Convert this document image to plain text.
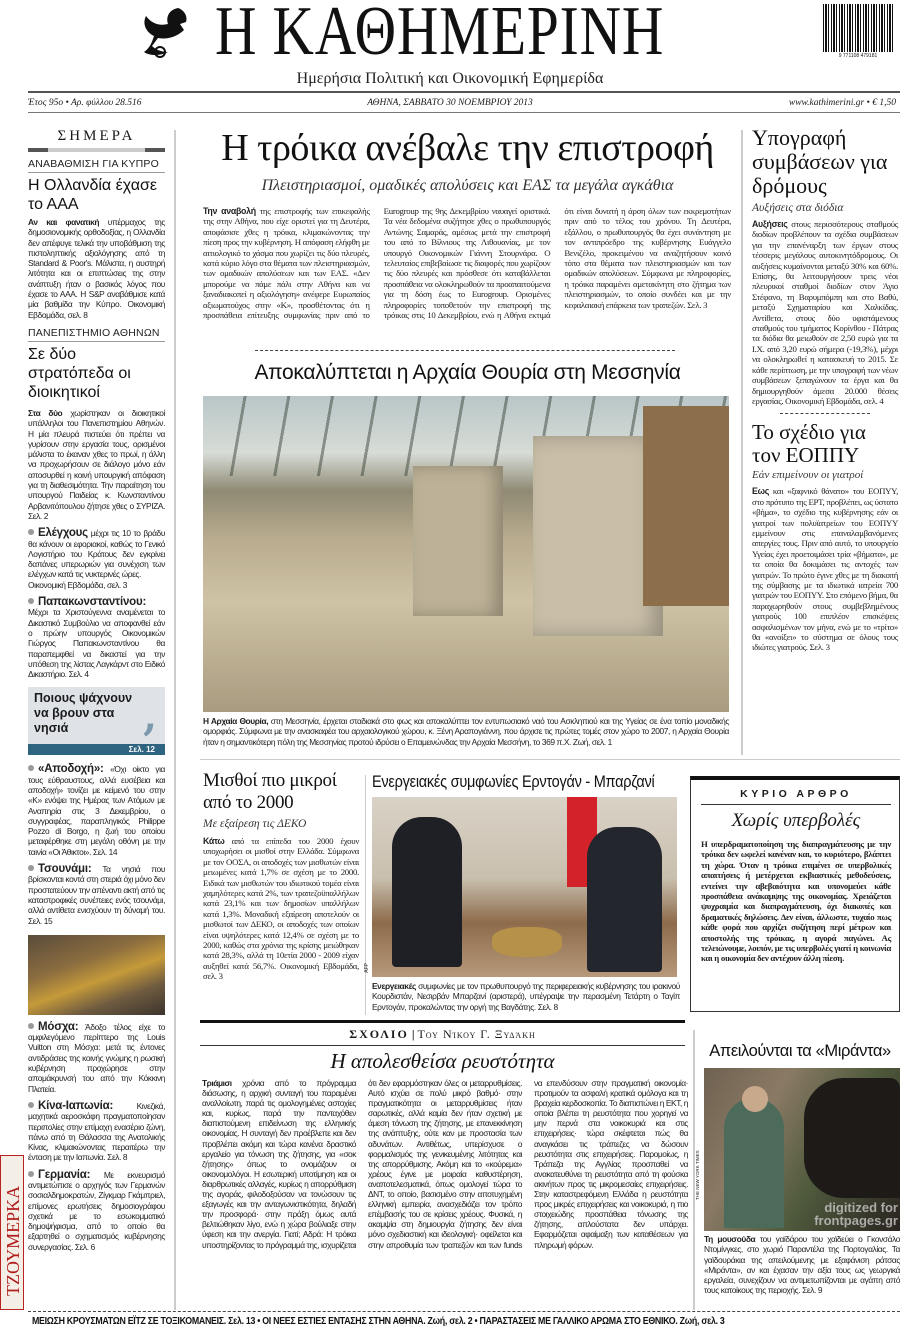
Η ΚΑΘΗΜΕΡΙΝΗ	9 771108 479181
Ημερήσια Πολιτική και Οικονομική Εφημερίδα
Έτος 95ο • Αρ. φύλλου 28.516	ΑΘΗΝΑ, ΣΑΒΒΑΤΟ 30 ΝΟΕΜΒΡΙΟΥ 2013	www.kathimerini.gr • € 1,50
ΣΗΜΕΡΑ
ΑΝΑΒΑΘΜΙΣΗ ΓΙΑ ΚΥΠΡΟ
Η Ολλανδία έχασε το ΑΑΑ
Αν και φανατική υπέρμαχος της δημοσιονομικής ορθοδοξίας, η Ολλανδία δεν απέφυγε τελικά την υποβάθμιση της πιστοληπτικής αξιολόγησης από τη Standard & Poor's. Μάλιστα, η αυστηρή λιτότητα και οι επιπτώσεις της στην ανάπτυξη ήταν ο βασικός λόγος που έχασε το ΑΑΑ. Η S&P αναβάθμισε κατά μία βαθμίδα την Κύπρο. Οικονομική Εβδομάδα, σελ. 8
ΠΑΝΕΠΙΣΤΗΜΙΟ ΑΘΗΝΩΝ
Σε δύο στρατόπεδα οι διοικητικοί
Στα δύο χωρίστηκαν οι διοικητικοί υπάλληλοι του Πανεπιστημίου Αθηνών. Η μία πλευρά πιστεύει ότι πρέπει να γυρίσουν στην εργασία τους, ορισμένοι μάλιστα το έκαναν χθες το πρωί, η άλλη να προχωρήσουν σε διάλογο μόνο εάν αποσυρθεί η κοινή υπουργική απόφαση για τη διαθεσιμότητα. Την παραίτηση του υπουργού Παιδείας κ. Κωνσταντίνου Αρβανιτόπουλου ζήτησε χθες ο ΣΥΡΙΖΑ. Σελ. 2
Ελέγχους μέχρι τις 10 το βράδυ θα κάνουν οι εφοριακοί, καθώς το Γενικό Λογιστήριο του Κράτους δεν εγκρίνει δαπάνες υπερωριών για συνέχιση των ελέγχων κατά τις νυκτερινές ώρες.
Οικονομική Εβδομάδα, σελ. 3
Παπακωνσταντίνου: Μέχρι τα Χριστούγεννα αναμένεται το Δικαστικό Συμβούλιο να αποφανθεί εάν ο πρώην υπουργός Οικονομικών Γιώργος Παπακωνσταντίνου θα παραπεμφθεί να δικαστεί για την υπόθεση της λίστας Λαγκάρντ στο Ειδικό Δικαστήριο. Σελ. 4
Ποιους ψάχνουν να βρουν στα νησιά	,
Σελ. 12
«Αποδοχή»: «Όχι οίκτο για τους εύθραυστους, αλλά ευσέβεια και αποδοχή» τονίζει με κείμενό του στην «Κ» ενόψει της Ημέρας των Ατόμων με Αναπηρία στις 3 Δεκεμβρίου, ο συγγραφέας, παραπληγικός Philippe Pozzo di Borgo, η ζωή του οποίου μεταφέρθηκε στη μεγάλη οθόνη με την ταινία «Οι Άθικτοι». Σελ. 14
Τσουνάμι: Τα νησιά που βρίσκονται κοντά στη στεριά όχι μόνο δεν προστατεύουν την απέναντι ακτή από τις καταστροφικές συνέπειες ενός τσουνάμι, αλλά αντίθετα ενισχύουν τη δύναμή του. Σελ. 15
Μόσχα: Άδοξο τέλος είχε το αμφιλεγόμενο περίπτερο της Louis Vuitton στη Μόσχα: μετά τις έντονες αντιδράσεις της κοινής γνώμης η ρωσική κυβέρνηση προχώρησε στην απομάκρυνσή του από την Κόκκινη Πλατεία.
Κίνα-Ιαπωνία: Κινεζικά, μαχητικά αεροσκάφη πραγματοποίησαν περιπολίες στην επίμαχη ενασέριο ζώνη, πάνω από τη Θάλασσα της Ανατολικής Κίνας, κλιμακώνοντας περαιτέρω την ένταση με την Ιαπωνία. Σελ. 8
Γερμανία: Με εκνευρισμό αντιμετώπισε ο αρχηγός των Γερμανών σοσιαλδημοκρατών, Ζίγκμαρ Γκάμπριελ, επίμονες ερωτήσεις δημοσιογράφου σχετικά με το εσωκομματικό δημοψήφισμα, από το οποίο θα εξαρτηθεί ο σχηματισμός κυβέρνησης συνεργασίας. Σελ. 6
ΤΖΟΥΜΕΡΚΑ
Η τρόικα ανέβαλε την επιστροφή
Πλειστηριασμοί, ομαδικές απολύσεις και ΕΑΣ τα μεγάλα αγκάθια
Την αναβολή της επιστροφής των επικεφαλής της στην Αθήνα, που είχε οριστεί για τη Δευτέρα, αποφάσισε χθες η τρόικα, κλιμακώνοντας την πίεση προς την κυβέρνηση. Η απόφαση ελήφθη με αιτιολογικό το χάσμα που χωρίζει τις δύο πλευρές, κατά κύριο λόγο στα θέματα των πλειστηριασμών, των ομαδικών απολύσεων και των ΕΑΣ. «Δεν μπορούμε να πάμε πάλι στην Αθήνα και να ξαναδιακοπεί η αξιολόγηση» ανέφερε Ευρωπαίος αξιωματούχος στην «Κ», προσθέτοντας ότι η προσπάθεια επίτευξης συμφωνίας πριν από το Eurogroup της 9ης Δεκεμβρίου ναυαγεί οριστικά. Τα νέα δεδομένα συζήτησε χθες ο πρωθυπουργός Αντώνης Σαμαράς, αμέσως μετά την επιστροφή του από το Βίλνιους της Λιθουανίας, με τον υπουργό Οικονομικών Γιάννη Στουρνάρα. Ο τελευταίος επιβεβαίωσε τις διαφορές που χωρίζουν τις δύο πλευρές και πρόσθεσε ότι καταβάλλεται προσπάθεια να ολοκληρωθούν τα προαπαιτούμενα για τη δόση έως το Eurogroup. Ορισμένες πληροφορίες τοποθετούν την επιστροφή της τρόικας στις 10 Δεκεμβρίου, ενώ η Αθήνα εκτιμά ότι είναι δυνατή η άρση όλων των εκκρεμοτήτων πριν από το τέλος του χρόνου. Τη Δευτέρα, εξάλλου, ο πρωθυπουργός θα έχει συνάντηση με τον αντιπρόεδρο της κυβέρνησης Ευάγγελο Βενιζέλο, προκειμένου να αναζητήσουν κοινό τόπο στα θέματα των πλειστηριασμών και των ομαδικών απολύσεων. Σύμφωνα με πληροφορίες, η τρόικα παραμένει αμετακίνητη στο ζήτημα των πλειστηριασμών, το οποίο συνδέει και με την κεφαλαιακή επάρκεια των τραπεζών. Σελ. 3
Αποκαλύπτεται η Αρχαία Θουρία στη Μεσσηνία
Η Αρχαία Θουρία, στη Μεσσηνία, έρχεται σταδιακά στο φως και αποκαλύπτει τον εντυπωσιακό ναό του Ασκληπιού και της Υγείας σε ένα τοπίο μοναδικής ομορφιάς. Σύμφωνα με την ανασκαφέα του αρχαιολογικού χώρου, κ. Ξένη Αραπογιάννη, που άρχισε τις πρώτες τομές στον χώρο το 2007, η Αρχαία Θουρία ήταν η σημαντικότερη πόλη της Μεσσηνίας προτού ιδρύσει ο Επαμεινώνδας την Αρχαία Μεσσήνη, το 369 π.Χ. Ζωή, σελ. 1
Υπογραφή συμβάσεων για δρόμους
Αυξήσεις στα διόδια
Αυξήσεις στους περισσότερους σταθμούς διοδίων προβλέπουν τα σχέδια συμβάσεων για την επανέναρξη των έργων στους τέσσερις μεγάλους αυτοκινητόδρομους. Οι αυξήσεις κυμαίνονται μεταξύ 30% και 60%. Επίσης, θα λειτουργήσουν τρεις νέοι πλευρικοί σταθμοί διοδίων στον Άγιο Στέφανο, τη Βαρυμπόμπη και στο Βαθύ, μεταξύ Σχηματαρίου και Χαλκίδας. Αντίθετα, στους δύο υφιστάμενους σταθμούς του τμήματος Κορίνθου - Πάτρας τα διόδια θα μειωθούν σε 2,50 ευρώ για τα Ι.Χ. από 3,20 ευρώ σήμερα (-19,3%), μέχρι να ολοκληρωθεί η κατασκευή το 2015. Σε κάθε περίπτωση, με την υπογραφή των νέων συμβάσεων ξεπαγώνουν τα έργα και θα δημιουργηθούν άμεσα 20.000 θέσεις εργασίας. Οικονομική Εβδομάδα, σελ. 4
Το σχέδιο για τον ΕΟΠΠΥ
Εάν επιμείνουν οι γιατροί
Εως και «ξαφνικό θάνατο» του ΕΟΠΥΥ, στο πρότυπο της ΕΡΤ, προβλέπει, ως ύστατο «βήμα», το σχέδιο της κυβέρνησης εάν οι γιατροί των πολυϊατρείων του ΕΟΠΥΥ εμμείνουν στις επαναλαμβανόμενες απεργίες τους. Πριν από αυτό, το υπουργείο Υγείας έχει προετοιμάσει τρία «βήματα», με τα οποία θα δοκιμάσει τις αντοχές των γιατρών. Το πρώτο έγινε χθες με τη διακοπή της σύμβασης με τα ιδιωτικά ιατρεία 700 γιατρών του ΕΟΠΥΥ. Στο επόμενο βήμα, θα παραχωρηθούν στους συμβεβλημένους γιατρούς 100 επιπλέον επισκέψεις ασφαλισμένων τον μήνα, ενώ με το «τρίτο» θα «ανοίξει» το σύστημα σε όλους τους ιδιώτες γιατρούς. Σελ. 3
Μισθοί πιο μικροί από το 2000
Με εξαίρεση τις ΔΕΚΟ
Κάτω από τα επίπεδα του 2000 έχουν υποχωρήσει οι μισθοί στην Ελλάδα. Σύμφωνα με τον ΟΟΣΑ, οι αποδοχές των μισθωτών είναι μειωμένες κατά 1,7% σε σχέση με το 2000. Ειδικά των μισθωτών του ιδιωτικού τομέα είναι χαμηλότερες κατά 2%, των τραπεζοϋπαλλήλων κατά 23,1% και των δημοσίων υπαλλήλων κατά 1,3%. Μοναδική εξαίρεση αποτελούν οι μισθωτοί των ΔΕΚΟ, οι αποδοχές των οποίων είναι υψηλότερες κατά 12,4% σε σχέση με το 2000, καθώς στα χρόνια της κρίσης μειώθηκαν κατά 28,3%, αλλά τη 10ετία 2000 - 2009 είχαν αυξηθεί κατά 56,7%. Οικονομική Εβδομάδα, σελ. 3
Ενεργειακές συμφωνίες Ερντογάν - Μπαρζανί
AFP
Ενεργειακές συμφωνίες με τον πρωθυπουργό της περιφερειακής κυβέρνησης του ιρακινού Κουρδιστάν, Νεσιρβάν Μπαρζανί (αριστερά), υπέγραψε την περασμένη Τετάρτη ο Ταγίπ Ερντογάν, προκαλώντας την οργή της Βαγδάτης. Σελ. 8
ΚΥΡΙΟ ΑΡΘΡΟ
Χωρίς υπερβολές
Η υπερδραματοποίηση της διαπραγμάτευσης με την τρόικα δεν ωφελεί κανέναν και, το κυριότερο, βλάπτει τη χώρα. Όταν η τρόικα επιμένει σε υπερβολικές απαιτήσεις ή μετέρχεται εκβιαστικές μεθοδεύσεις, εντείνει την αβεβαιότητα και υπονομεύει κάθε προσπάθεια ανάκαμψης της οικονομίας. Χρειάζεται ψυχραιμία και διαπραγμάτευση, όχι διακοπές και δραματικές δηλώσεις. Δεν είναι, άλλωστε, τυχαίο πως κάθε φορά που αρχίζει συζήτηση περί μέτρων και αποστολής της τρόικας, η αγορά παγώνει. Ας τελειώνουμε, λοιπόν, με τις υπερβολές γιατί η κοινωνία και η οικονομία δεν αντέχουν άλλη πίεση.
ΣΧΟΛΙΟ | Του Νίκου Γ. Ξυδάκη
Η απολεσθείσα ρευστότητα
Τριάμισι χρόνια από το πρόγραμμα διάσωσης, η αρχική συνταγή του παραμένει αναλλοίωτη, παρά τις ομολογημένες αστοχίες και, κυρίως, παρά την πανταχόθεν διαπιστούμενη επιδείνωση της ελληνικής οικονομίας. Η συνταγή δεν προέβλεπε και δεν προβλέπει ακόμη και τώρα κανένα δραστικό εργαλείο για τόνωση της ζήτησης, για «σοκ ζήτησης» όπως το ονομάζουν οι οικονομολόγοι. Η εσωτερική υποτίμηση και οι διαρθρωτικές αλλαγές, κυρίως η απορρύθμιση της αγοράς, φιλοδοξούσαν να τονώσουν τις εξαγωγές και την ανταγωνιστικότητα, δηλαδή την προσφορά· στην πράξη όμως αυτά βελτιώθηκαν λίγο, ενώ η χώρα βούλιαξε στην ύφεση και την ανεργία. Γιατί; Αδρά: Η τρόικα υποστηρίζοντας το πρόγραμμά της, ισχυρίζεται ότι δεν εφαρμόστηκαν όλες οι μεταρρυθμίσεις. Αυτό ισχύει σε πολύ μικρό βαθμό· στην πραγματικότητα οι μεταρρυθμίσεις ήταν σαρωτικές, αλλά καμία δεν ήταν σχετική με άμεση τόνωση της ζήτησης, με επανεκκίνηση της ανάπτυξης, ούτε καν με προστασία των αδυνάτων. Αντιθέτως, υπερίσχυσε ο φορμαλισμός της γενικευμένης λιτότητας και της απορρύθμισης. Ακόμη και το «κούρεμα» χρέους έγινε με μοιραία καθυστέρηση, αναποτελεσματικά, όπως ομολογεί τώρα το ΔΝΤ, το οποίο, βασισμένο στην αποτυχημένη ελληνική εμπειρία, ανασχεδιάζει τον τρόπο επέμβασής του σε κρίσεις χρέους. Φυσικά, η ακαμψία στη δημιουργία ζήτησης δεν είναι μόνο σχεδιαστική και ιδεολογική· οφείλεται και στην απροθυμία των τραπεζών και των funds να επενδύσουν στην πραγματική οικονομία· προτιμούν τα ασφαλή κρατικά ομόλογα και τη βραχεία κερδοσκοπία. Το διαπιστώνει η ΕΚΤ, η οποία βλέπει τη ρευστότητα που χορηγεί να μην περνά στα νοικοκυριά και στις επιχειρήσεις· τώρα σκέφτεται πώς θα αναγκάσει τις τράπεζες να δώσουν ρευστότητα στις επιχειρήσεις. Παρομοίως, η Τράπεζα της Αγγλίας προσπαθεί να ανακατευθύνει τη ρευστότητα από τη φούσκα ακινήτων προς τις μικρομεσαίες επιχειρήσεις. Στην καταστρεφόμενη Ελλάδα η ρευστότητα προς μικρές επιχειρήσεις και νοικοκυριά, η πιο στοιχειώδης προσπάθεια τόνωσης της ζήτησης, απλούστατα δεν υπάρχει. Εφαρμόζεται αφαίμαξη των καταθέσεων για πληρωμή φόρων.
Απειλούνται τα «Μιράντα»
THE NEW YORK TIMES
digitized for frontpages.gr
Τη μουσούδα του γαϊδάρου του χαϊδεύει ο Γκονσάλο Ντομίνγκες, στο χωριό Παραντέλα της Πορτογαλίας. Τα γαϊδουράκια της απειλούμενης με εξαφάνιση ράτσας «Μιράντα», αν και έχασαν την αξία τους ως γεωργικά εργαλεία, συνεχίζουν να αντιμετωπίζονται με αγάπη από τους κατοίκους της περιοχής. Σελ. 9
ΜΕΙΩΣΗ ΚΡΟΥΣΜΑΤΩΝ ΕΪΤΖ ΣΕ ΤΟΞΙΚΟΜΑΝΕΙΣ. Σελ. 13 • ΟΙ ΝΕΕΣ ΕΣΤΙΕΣ ΕΝΤΑΣΗΣ ΣΤΗΝ ΑΘΗΝΑ. Ζωή, σελ. 2 • ΠΑΡΑΣΤΑΣΕΙΣ ΜΕ ΓΑΛΛΙΚΟ ΑΡΩΜΑ ΣΤΟ ΕΘΝΙΚΟ. Ζωή, σελ. 3
